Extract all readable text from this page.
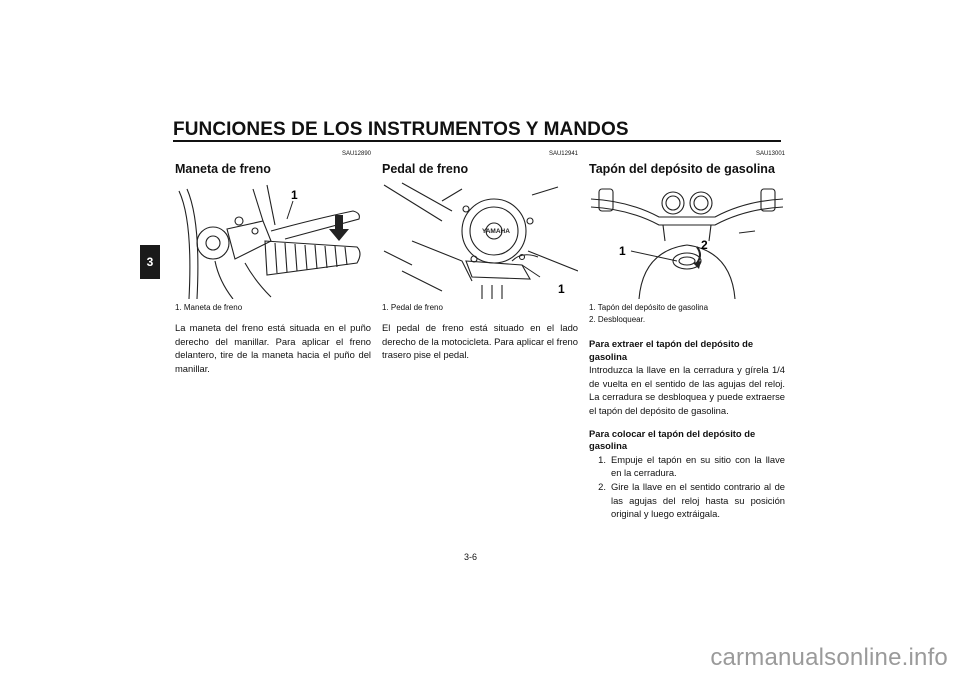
FUNCIONES DE LOS INSTRUMENTOS Y MANDOS
3
SAU12890
Maneta de freno
1
1. Maneta de freno
La maneta del freno está situada en el puño derecho del manillar. Para aplicar el freno delantero, tire de la maneta hacia el puño del manillar.
SAU12941
Pedal de freno
YAMAHA
1
1. Pedal de freno
El pedal de freno está situado en el lado derecho de la motocicleta. Para aplicar el freno trasero pise el pedal.
SAU13001
Tapón del depósito de gasolina
1	2
1. Tapón del depósito de gasolina
2. Desbloquear.
Para extraer el tapón del depósito de gasolina
Introduzca la llave en la cerradura y gírela 1/4 de vuelta en el sentido de las agujas del reloj. La cerradura se desbloquea y puede extraerse el tapón del depósito de gasolina.
Para colocar el tapón del depósito de gasolina
1. Empuje el tapón en su sitio con la llave en la cerradura.
2. Gire la llave en el sentido contrario al de las agujas del reloj hasta su posición original y luego extráigala.
3-6
carmanualsonline.info
